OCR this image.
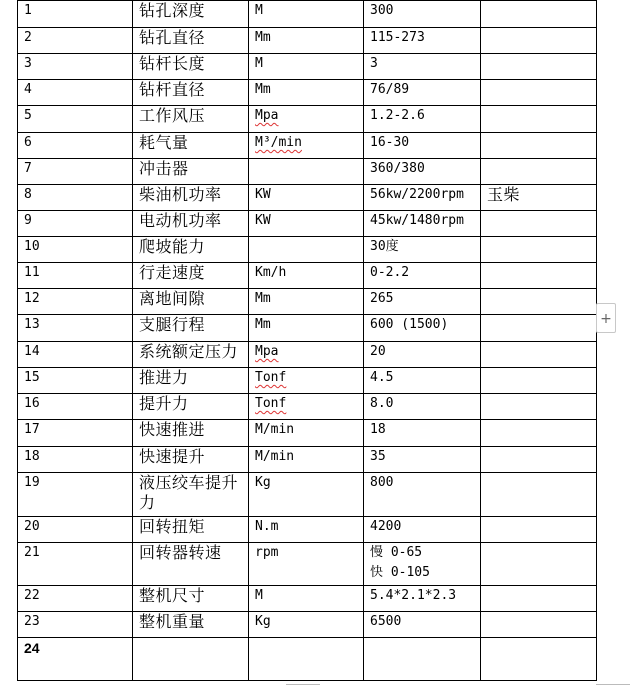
1	钻孔深度	M	300	

2	钻孔直径	Mm	115-273	

3	钻杆长度	M	3	

4	钻杆直径	Mm	76/89	

5	工作风压	Mpa	1.2-2.6	

6	耗气量	M³/min	16-30	

7	冲击器		360/380	

8	柴油机功率	KW	56kw/2200rpm	玉柴
9	电动机功率	KW	45kw/1480rpm	

10	爬坡能力		30度	

11	行走速度	Km/h	0-2.2	

12	离地间隙	Mm	265	

13	支腿行程	Mm	600 (1500)	

14	系统额定压力	Mpa	20	

15	推进力	Tonf	4.5	

16	提升力	Tonf	8.0	

17	快速推进	M/min	18	

18	快速提升	M/min	35	

19	液压绞车提升力	Kg	800	

20	回转扭矩	N.m	4200	

21	回转器转速	rpm	慢 0-65
快 0-105	

22	整机尺寸	M	5.4*2.1*2.3	

23	整机重量	Kg	6500	

24			

+
